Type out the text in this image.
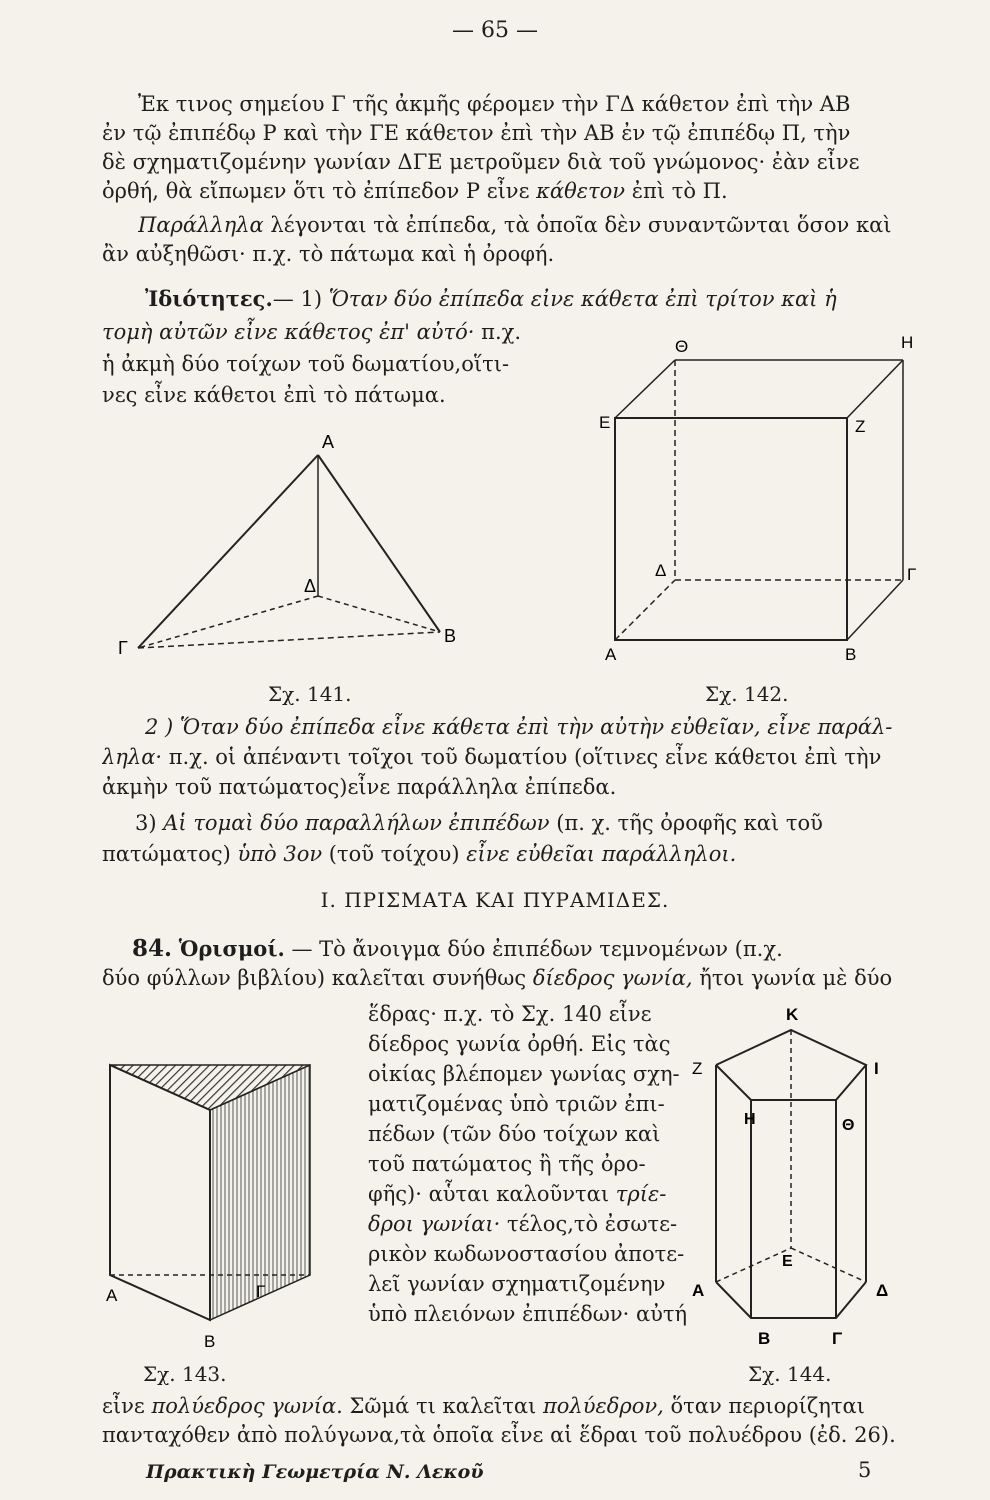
— 65 —
Ἐκ τινος σημείου Γ τῆς ἀκμῆς φέρομεν τὴν ΓΔ κάθετον ἐπὶ τὴν ΑΒ
ἐν τῷ ἐπιπέδῳ Ρ καὶ τὴν ΓΕ κάθετον ἐπὶ τὴν ΑΒ ἐν τῷ ἐπιπέδῳ Π, τὴν
δὲ σχηματιζομένην γωνίαν ΔΓΕ μετροῦμεν διὰ τοῦ γνώμονος· ἐὰν εἶνε
ὀρθή, θὰ εἴπωμεν ὅτι τὸ ἐπίπεδον Ρ εἶνε κάθετον ἐπὶ τὸ Π.
Παράλληλα λέγονται τὰ ἐπίπεδα, τὰ ὁποῖα δὲν συναντῶνται ὅσον καὶ
ἂν αὐξηθῶσι· π.χ. τὸ πάτωμα καὶ ἡ ὀροφή.
Ἰδιότητες.— 1) Ὅταν δύο ἐπίπεδα εἰνε κάθετα ἐπὶ τρίτον καὶ ἡ
τομὴ αὐτῶν εἶνε κάθετος ἐπ' αὐτό· π.χ.
ἡ ἀκμὴ δύο τοίχων τοῦ δωματίου,οἵτι-
νες εἶνε κάθετοι ἐπὶ τὸ πάτωμα.
Α
Γ
Δ
Β
Σχ. 141.
Θ	Η
Ε	Ζ
Δ	Γ
Α	Β
Σχ. 142.
2 ) Ὅταν δύο ἐπίπεδα εἶνε κάθετα ἐπὶ τὴν αὐτὴν εὐθεῖαν, εἶνε παράλ-
ληλα· π.χ. οἱ ἀπέναντι τοῖχοι τοῦ δωματίου (οἵτινες εἶνε κάθετοι ἐπὶ τὴν
ἀκμὴν τοῦ πατώματος)εἶνε παράλληλα ἐπίπεδα.
3) Αἱ τομαὶ δύο παραλλήλων ἐπιπέδων (π. χ. τῆς ὀροφῆς καὶ τοῦ
πατώματος) ὑπὸ 3ον (τοῦ τοίχου) εἶνε εὐθεῖαι παράλληλοι.
Ι. ΠΡΙΣΜΑΤΑ ΚΑΙ ΠΥΡΑΜΙΔΕΣ.
84. Ὁρισμοί. — Τὸ ἄνοιγμα δύο ἐπιπέδων τεμνομένων (π.χ.
δύο φύλλων βιβλίου) καλεῖται συνήθως δίεδρος γωνία, ἤτοι γωνία μὲ δύο
ἕδρας· π.χ. τὸ Σχ. 140 εἶνε
δίεδρος γωνία ὀρθή. Εἰς τὰς
οἰκίας βλέπομεν γωνίας σχη-
ματιζομένας ὑπὸ τριῶν ἐπι-
πέδων (τῶν δύο τοίχων καὶ
τοῦ πατώματος ἢ τῆς ὀρο-
φῆς)· αὗται καλοῦνται τρίε-
δροι γωνίαι· τέλος,τὸ ἐσωτε-
ρικὸν κωδωνοστασίου ἀποτε-
λεῖ γωνίαν σχηματιζομένην
ὑπὸ πλειόνων ἐπιπέδων· αὐτή
Α
Β
Γ
Σχ. 143.
Κ
Ζ	Ι
Η	Θ
Ε
Α	Δ
Β	Γ
Σχ. 144.
εἶνε πολύεδρος γωνία. Σῶμά τι καλεῖται πολύεδρον, ὅταν περιορίζηται
πανταχόθεν ἀπὸ πολύγωνα,τὰ ὁποῖα εἶνε αἱ ἕδραι τοῦ πολυέδρου (ἐδ. 26).
Πρακτικὴ Γεωμετρία Ν. Λεκοῦ	5
